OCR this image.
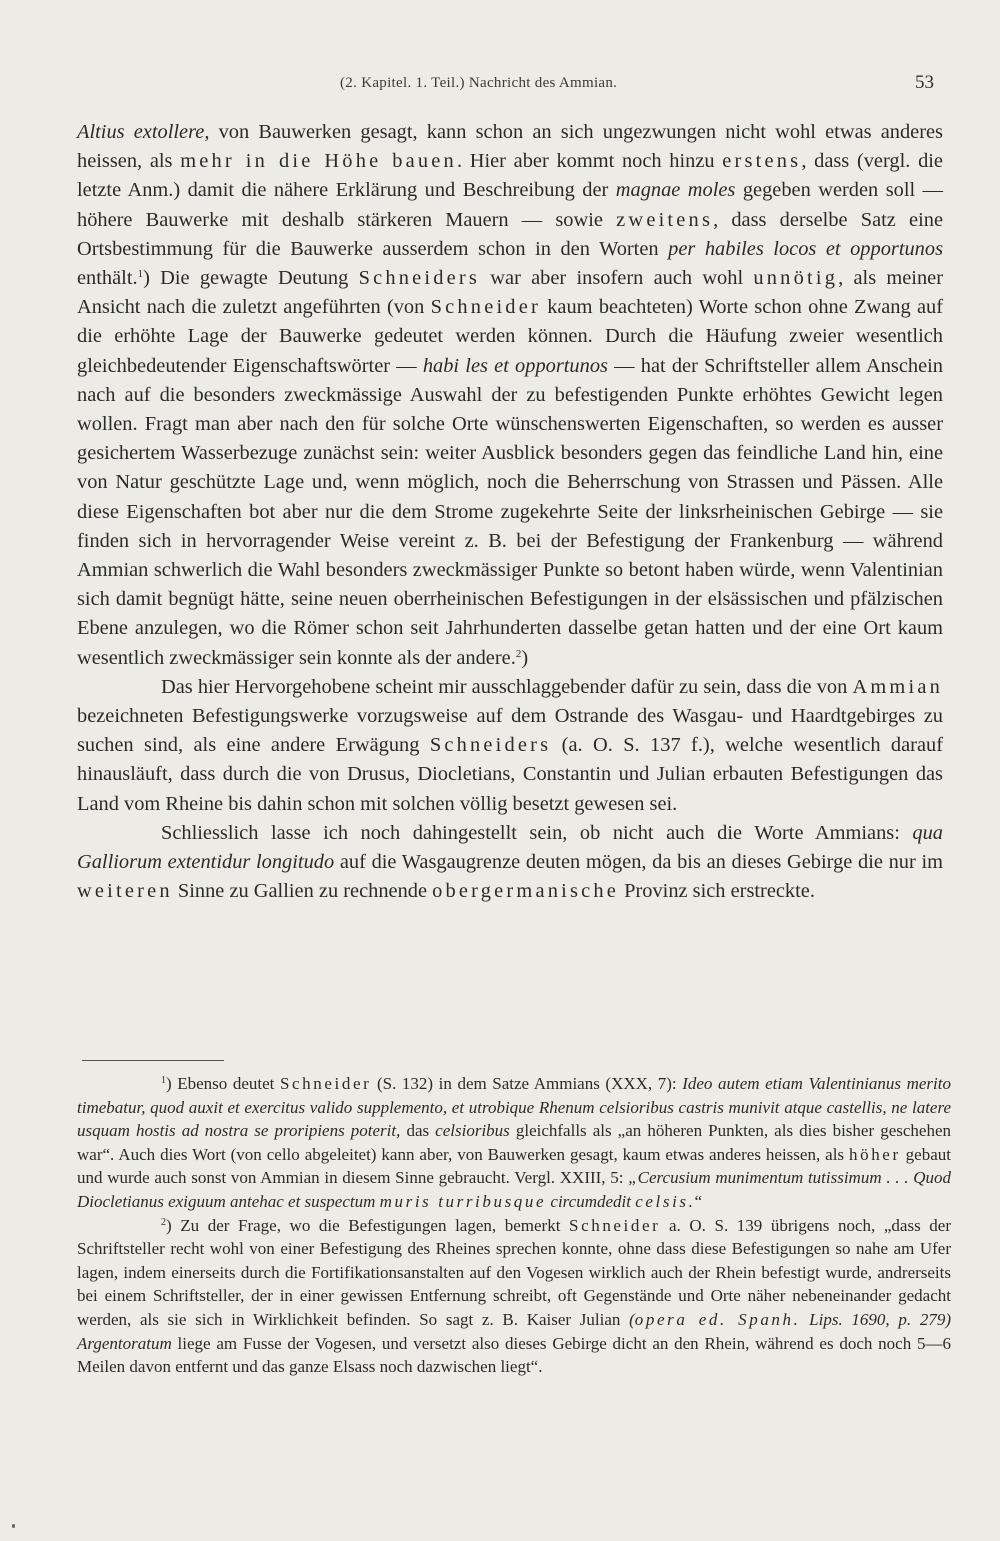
(2. Kapitel. 1. Teil.) Nachricht des Ammian.	53

Altius extollere, von Bauwerken gesagt, kann schon an sich ungezwungen nicht wohl etwas anderes heissen, als mehr in die Höhe bauen. Hier aber kommt noch hinzu erstens, dass (vergl. die letzte Anm.) damit die nähere Erklärung und Beschreibung der magnae moles gegeben werden soll — höhere Bauwerke mit deshalb stärkeren Mauern — sowie zweitens, dass derselbe Satz eine Ortsbestimmung für die Bauwerke ausserdem schon in den Worten per habiles locos et opportunos enthält.$^1$) Die gewagte Deutung Schneiders war aber insofern auch wohl unnötig, als meiner Ansicht nach die zuletzt angeführten (von Schneider kaum beachteten) Worte schon ohne Zwang auf die erhöhte Lage der Bauwerke gedeutet werden können. Durch die Häufung zweier wesentlich gleichbedeutender Eigenschaftswörter — habi les et opportunos — hat der Schriftsteller allem Anschein nach auf die besonders zweckmässige Auswahl der zu befestigenden Punkte erhöhtes Gewicht legen wollen. Fragt man aber nach den für solche Orte wünschenswerten Eigenschaften, so werden es ausser gesichertem Wasserbezuge zunächst sein: weiter Ausblick besonders gegen das feindliche Land hin, eine von Natur geschützte Lage und, wenn möglich, noch die Beherrschung von Strassen und Pässen. Alle diese Eigenschaften bot aber nur die dem Strome zugekehrte Seite der linksrheinischen Gebirge — sie finden sich in hervorragender Weise vereint z. B. bei der Befestigung der Frankenburg — während Ammian schwerlich die Wahl besonders zweckmässiger Punkte so betont haben würde, wenn Valentinian sich damit begnügt hätte, seine neuen oberrheinischen Befestigungen in der elsässischen und pfälzischen Ebene anzulegen, wo die Römer schon seit Jahrhunderten dasselbe getan hatten und der eine Ort kaum wesentlich zweckmässiger sein konnte als der andere.$^2$)

Das hier Hervorgehobene scheint mir ausschlaggebender dafür zu sein, dass die von Ammian bezeichneten Befestigungswerke vorzugsweise auf dem Ostrande des Wasgau- und Haardtgebirges zu suchen sind, als eine andere Erwägung Schneiders (a. O. S. 137 f.), welche wesentlich darauf hinausläuft, dass durch die von Drusus, Diocletians, Constantin und Julian erbauten Befestigungen das Land vom Rheine bis dahin schon mit solchen völlig besetzt gewesen sei.

Schliesslich lasse ich noch dahingestellt sein, ob nicht auch die Worte Ammians: qua Galliorum extentidur longitudo auf die Wasgaugrenze deuten mögen, da bis an dieses Gebirge die nur im weiteren Sinne zu Gallien zu rechnende obergermanische Provinz sich erstreckte.

$^1$) Ebenso deutet Schneider (S. 132) in dem Satze Ammians (XXX, 7): Ideo autem etiam Valentinianus merito timebatur, quod auxit et exercitus valido supplemento, et utrobique Rhenum celsioribus castris munivit atque castellis, ne latere usquam hostis ad nostra se proripiens poterit, das celsioribus gleichfalls als „an höheren Punkten, als dies bisher geschehen war“. Auch dies Wort (von cello abgeleitet) kann aber, von Bauwerken gesagt, kaum etwas anderes heissen, als höher gebaut und wurde auch sonst von Ammian in diesem Sinne gebraucht. Vergl. XXIII, 5: „Cercusium munimentum tutissimum . . . Quod Diocletianus exiguum antehac et suspectum muris turribusque circumdedit celsis.“

$^2$) Zu der Frage, wo die Befestigungen lagen, bemerkt Schneider a. O. S. 139 übrigens noch, „dass der Schriftsteller recht wohl von einer Befestigung des Rheines sprechen konnte, ohne dass diese Befestigungen so nahe am Ufer lagen, indem einerseits durch die Fortifikationsanstalten auf den Vogesen wirklich auch der Rhein befestigt wurde, andrerseits bei einem Schriftsteller, der in einer gewissen Entfernung schreibt, oft Gegenstände und Orte näher nebeneinander gedacht werden, als sie sich in Wirklichkeit befinden. So sagt z. B. Kaiser Julian (opera ed. Spanh. Lips. 1690, p. 279) Argentoratum liege am Fusse der Vogesen, und versetzt also dieses Gebirge dicht an den Rhein, während es doch noch 5—6 Meilen davon entfernt und das ganze Elsass noch dazwischen liegt“.
